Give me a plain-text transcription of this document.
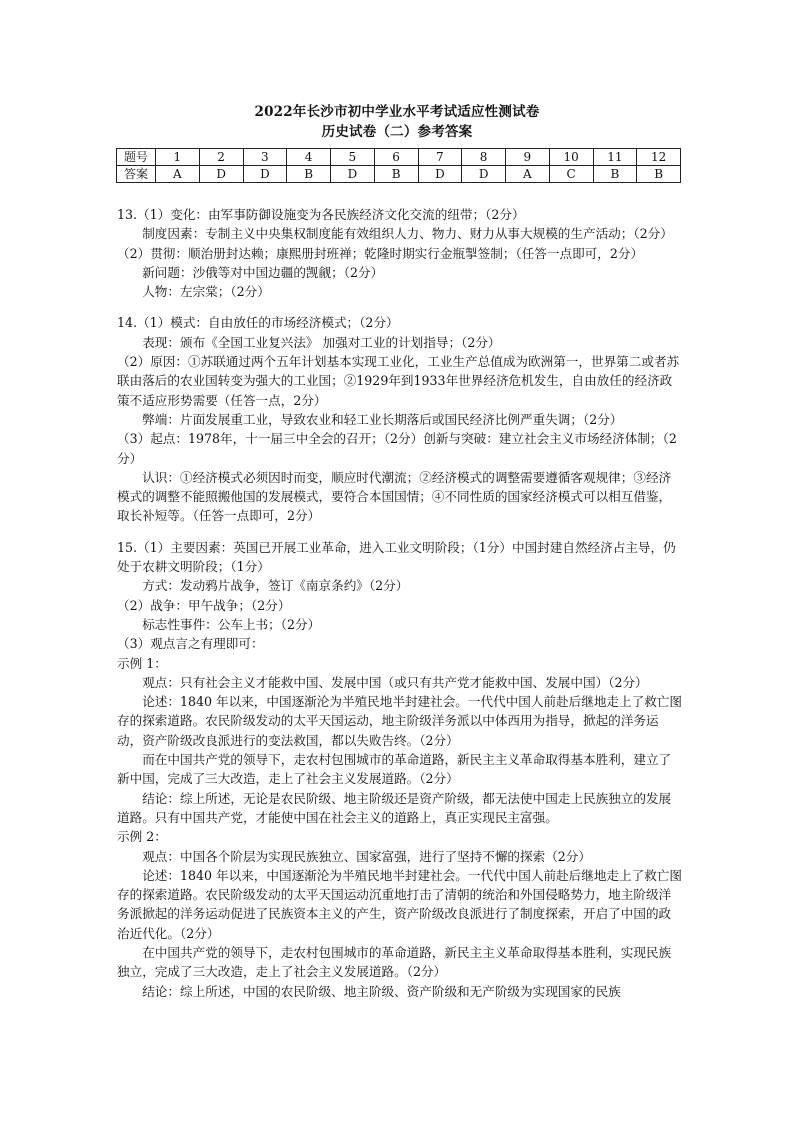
2022年长沙市初中学业水平考试适应性测试卷
历史试卷（二）参考答案
题号	1	2	3	4	5	6	7	8	9	10	11	12
答案	A	D	D	B	D	B	D	D	A	C	B	B

13.（1）变化：由军事防御设施变为各民族经济文化交流的纽带；（2分）

制度因素：专制主义中央集权制度能有效组织人力、物力、财力从事大规模的生产活动；（2分）

（2）贯彻：顺治册封达赖；康熙册封班禅；乾隆时期实行金瓶掣签制；（任答一点即可，2分）

新问题：沙俄等对中国边疆的觊觎；（2分）

人物：左宗棠；（2分）

14.（1）模式：自由放任的市场经济模式；（2分）

表现：颁布《全国工业复兴法》 加强对工业的计划指导；（2分）

（2）原因：①苏联通过两个五年计划基本实现工业化，工业生产总值成为欧洲第一，世界第二或者苏联由落后的农业国转变为强大的工业国；②1929年到1933年世界经济危机发生，自由放任的经济政策不适应形势需要（任答一点，2分）

弊端：片面发展重工业，导致农业和轻工业长期落后或国民经济比例严重失调；（2分）

（3）起点：1978年，十一届三中全会的召开；（2分）创新与突破：建立社会主义市场经济体制；（2分）

认识：①经济模式必须因时而变，顺应时代潮流；②经济模式的调整需要遵循客观规律；③经济模式的调整不能照搬他国的发展模式，要符合本国国情；④不同性质的国家经济模式可以相互借鉴，取长补短等。（任答一点即可，2分）

15.（1）主要因素：英国已开展工业革命，进入工业文明阶段；（1分）中国封建自然经济占主导，仍处于农耕文明阶段；（1分）

方式：发动鸦片战争，签订《南京条约》（2分）

（2）战争：甲午战争；（2分）

标志性事件：公车上书；（2分）

（3）观点言之有理即可：

示例 1：

观点：只有社会主义才能救中国、发展中国（或只有共产党才能救中国、发展中国）（2分）

论述：1840 年以来，中国逐渐沦为半殖民地半封建社会。一代代中国人前赴后继地走上了救亡图存的探索道路。农民阶级发动的太平天国运动，地主阶级洋务派以中体西用为指导，掀起的洋务运动，资产阶级改良派进行的变法救国，都以失败告终。（2分）

而在中国共产党的领导下，走农村包围城市的革命道路，新民主主义革命取得基本胜利，建立了新中国，完成了三大改造，走上了社会主义发展道路。（2分）

结论：综上所述，无论是农民阶级、地主阶级还是资产阶级，都无法使中国走上民族独立的发展道路。只有中国共产党，才能使中国在社会主义的道路上，真正实现民主富强。

示例 2：

观点：中国各个阶层为实现民族独立、国家富强，进行了坚持不懈的探索（2分）

论述：1840 年以来，中国逐渐沦为半殖民地半封建社会。一代代中国人前赴后继地走上了救亡图存的探索道路。农民阶级发动的太平天国运动沉重地打击了清朝的统治和外国侵略势力，地主阶级洋务派掀起的洋务运动促进了民族资本主义的产生，资产阶级改良派进行了制度探索，开启了中国的政治近代化。（2分）

在中国共产党的领导下，走农村包围城市的革命道路，新民主主义革命取得基本胜利，实现民族独立，完成了三大改造，走上了社会主义发展道路。（2分）

结论：综上所述，中国的农民阶级、地主阶级、资产阶级和无产阶级为实现国家的民族
